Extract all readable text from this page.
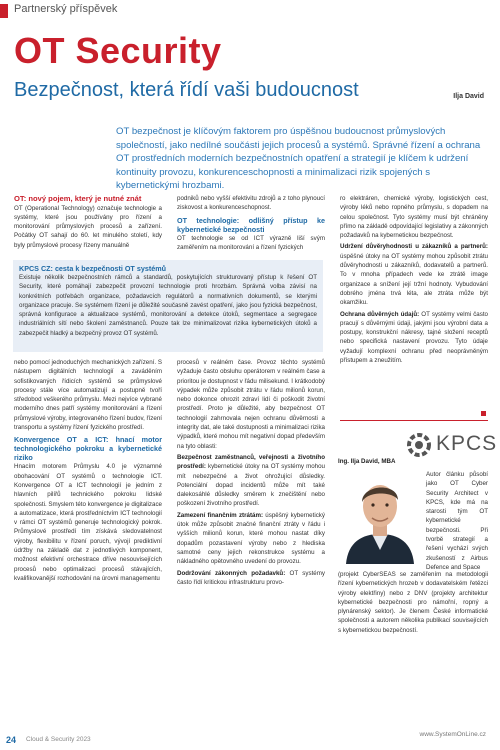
Partnerský příspěvek
OT Security
Bezpečnost, která řídí vaši budoucnost	Ilja David

OT bezpečnost je klíčovým faktorem pro úspěšnou budoucnost průmyslových společností, jako nedílné součásti jejich procesů a systémů. Správné řízení a ochrana OT prostředních moderních bezpečnostních opatření a strategií je klíčem k udržení kontinuity provozu, konkurenceschopnosti a minimalizaci rizik spojených s kybernetickými hrozbami.

OT: nový pojem, který je nutné znát

OT (Operational Technology) označuje technologie a systémy, které jsou používány pro řízení a monitorování průmyslových procesů a zařízení. Počátky OT sahají do 60. let minulého století, kdy byly průmyslové procesy řízeny manuálně

podniků nebo vyšší efektivitu zdrojů a z toho plynoucí ziskovost a konkurenceschopnost.

OT technologie: odlišný přístup ke kybernetické bezpečnosti

OT technologie se od ICT výrazně liší svým zaměřením na monitorování a řízení fyzických

KPCS CZ: cesta k bezpečnosti OT systémů

Existuje několik bezpečnostních rámců a standardů, poskytujících strukturovaný přístup k řešení OT Security, které pomáhají zabezpečit provozní technologie proti hrozbám. Správná volba závisí na konkrétních potřebách organizace, požadavcích regulátorů a normativních dokumentů, se kterými organizace pracuje. Se systémem řízení je důležité současně zavést opatření, jako jsou fyzická bezpečnost, správná konfigurace a aktualizace systémů, monitorování a detekce útoků, segmentace a segregace industriálních sítí nebo školení zaměstnanců. Pouze tak lze minimalizovat rizika kybernetických útoků a zabezpečit hladký a bezpečný provoz OT systémů.

ro elektráren, chemické výroby, logistických cest, výroby léků nebo ropného průmyslu, s dopadem na celou společnost. Tyto systémy musí být chráněny přímo na základě odpovídající legislativy a zákonných požadavků na kybernetickou bezpečnost.

Udržení důvěryhodnosti u zákazníků a partnerů: úspěšné útoky na OT systémy mohou způsobit ztrátu důvěryhodnosti u zákazníků, dodavatelů a partnerů. To v mnoha případech vede ke ztrátě image organizace a snížení její tržní hodnoty. Vybudování dobrého jména trvá léta, ale ztráta může být okamžiku.

Ochrana důvěrných údajů: OT systémy velmi často pracují s důvěrnými údaji, jakými jsou výrobní data a postupy, konstrukční nákresy, tajné složení receptů nebo specifická nastavení provozu. Tyto údaje vyžadují komplexní ochranu před neoprávněným přístupem a zneužitím.

nebo pomocí jednoduchých mechanických zařízení. S nástupem digitálních technologií a zaváděním sofistikovaných řídicích systémů se průmyslové procesy stále více automatizují a postupně tvoří středobod veškerého průmyslu. Mezi nejvíce vybrané moderního dnes patří systémy monitorování a řízení průmyslové výroby, integrovaného řízení budov, řízení transportu a systémy řízení fyzického prostředí.

Konvergence OT a ICT: hnací motor technologického pokroku a kybernetické riziko

Hnacím motorem Průmyslu 4.0 je významné obohacování OT systémů o technologie ICT. Konvergence OT a ICT technologií je jedním z hlavních pilířů technického pokroku lidské společnosti. Smyslem této konvergence je digitalizace a automatizace, která prostředníctvím ICT technologií v rámci OT systémů generuje technologický pokrok. Průmyslové prostředí tím získává sledovatelnost výroby, flexibilitu v řízení poruch, vývojí prediktivní údržby na základě dat z jednotlivých komponent, možnost efektivní orchestrace dříve nesouvisejících procesů nebo optimalizaci procesů stávajících, kvalifikovanější rozhodování na úrovni managementu

procesů v reálném čase. Provoz těchto systémů vyžaduje často obsluhu operátorem v reálném čase a prioritou je dostupnost v řádu milisekund. I krátkodobý výpadek může způsobit ztrátu v řádu milionů korun, nebo dokonce ohrozit zdraví lidí či poškodit životní prostředí. Proto je důležité, aby bezpečnost OT technologií zahrnovala nejen ochranu důvěrnosti a integrity dat, ale také dostupnosti a minimalizaci rizika výpadků, které mohou mít negativní dopad především na tyto oblasti:

Bezpečnost zaměstnanců, veřejnosti a životního prostředí: kybernetické útoky na OT systémy mohou mít nebezpečné a život ohrožující důsledky. Potenciální dopad incidentů může mít také dalekosáhlé důsledky směrem k znečištění nebo poškození životního prostředí.

Zamezení finančním ztrátám: úspěšný kybernetický útok může způsobit značné finanční ztráty v řádu i vyšších milionů korun, které mohou nastat díky dopadům pozastavení výroby nebo z hlediska samotné ceny jejich rekonstrukce systému a nákladného opětovného uvedení do provozu.

Dodržování zákonných požadavků: OT systémy často řídí kritickou infrastrukturu provo-

KPCS
Ing. Ilja David, MBA

Autor článku působí jako OT Cyber Security Architect v KPCS, kde má na starosti tým OT kybernetické bezpečnosti. Při tvorbě strategií a řešení vychází svých zkušeností z Airbus Defence and Space

(projekt CyberSEAS se zaměřením na metodologii řízení kybernetických hrozeb v dodavatelském řetězci výroby elektřiny) nebo z DNV (projekty architektur kybernetické bezpečnosti pro námořní, ropný a plynárenský sektor). Je členem České informatické společnosti a autorem několika publikací souvisejících s kybernetickou bezpečností.

24 Cloud & Security 2023
www.SystemOnLine.cz
